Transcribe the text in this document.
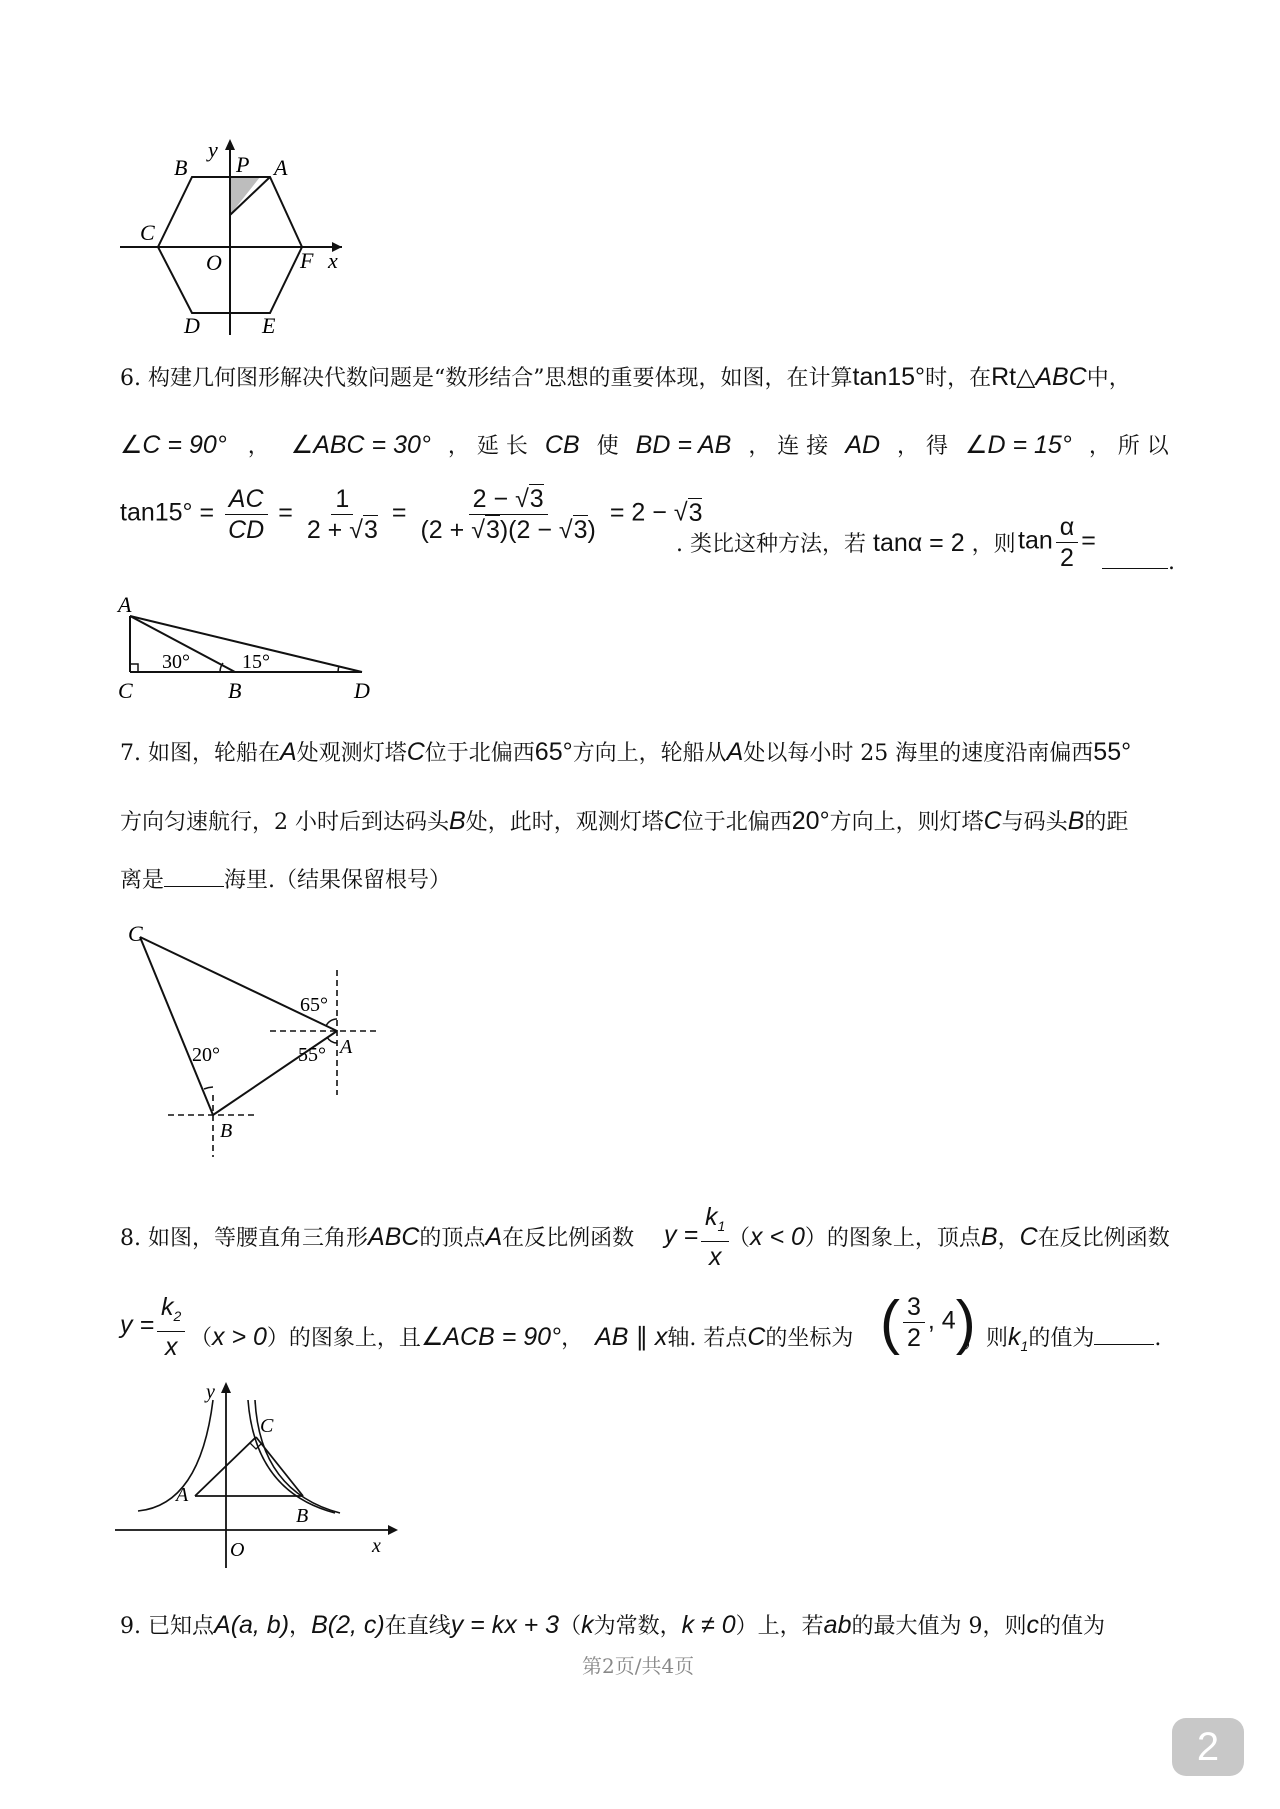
y
P A
B
C
O	F x
D	E
6. 构建几何图形解决代数问题是“数形结合”思想的重要体现，如图，在计算tan15°时，在Rt△ABC中，
∠C = 90° ， ∠ABC = 30° ， 延 长 CB 使 BD = AB ， 连 接 AD ， 得 ∠D = 15° ， 所 以
$\tan 15^\circ = \frac{AC}{CD} = \frac{1}{2 + √3} = \frac{2 - √3}{(2 + √3)(2 - √3)} = 2 - √3$
. 类比这种方法，若 tanα = 2 ，则 $\tan \frac{\alpha}{2}$ =
.
A
C	B	D
30°	15°
7. 如图，轮船在A处观测灯塔C位于北偏西65°方向上，轮船从A处以每小时 25 海里的速度沿南偏西55°
方向匀速航行，2 小时后到达码头B处，此时，观测灯塔C位于北偏西20°方向上，则灯塔C与码头B的距
离是	海里.（结果保留根号）
C
A
B
65°
55°
20°
8. 如图，等腰直角三角形ABC的顶点A在反比例函数 $y = \frac{k_1}{x}$
（x < 0）的图象上，顶点B，C在反比例函数
$y = \frac{k_2}{x} (x > 0)$的图象上，且∠ACB = 90°， AB ∥ x轴. 若点C的坐标为 ( $\frac{3}{2}$ , 4)
，则$k_1$的值为	.
y
C
A
B
O	x
9. 已知点A(a, b)，B(2, c)在直线y = kx + 3（k为常数，k ≠ 0）上，若ab的最大值为 9，则c的值为
第2页/共4页
2
